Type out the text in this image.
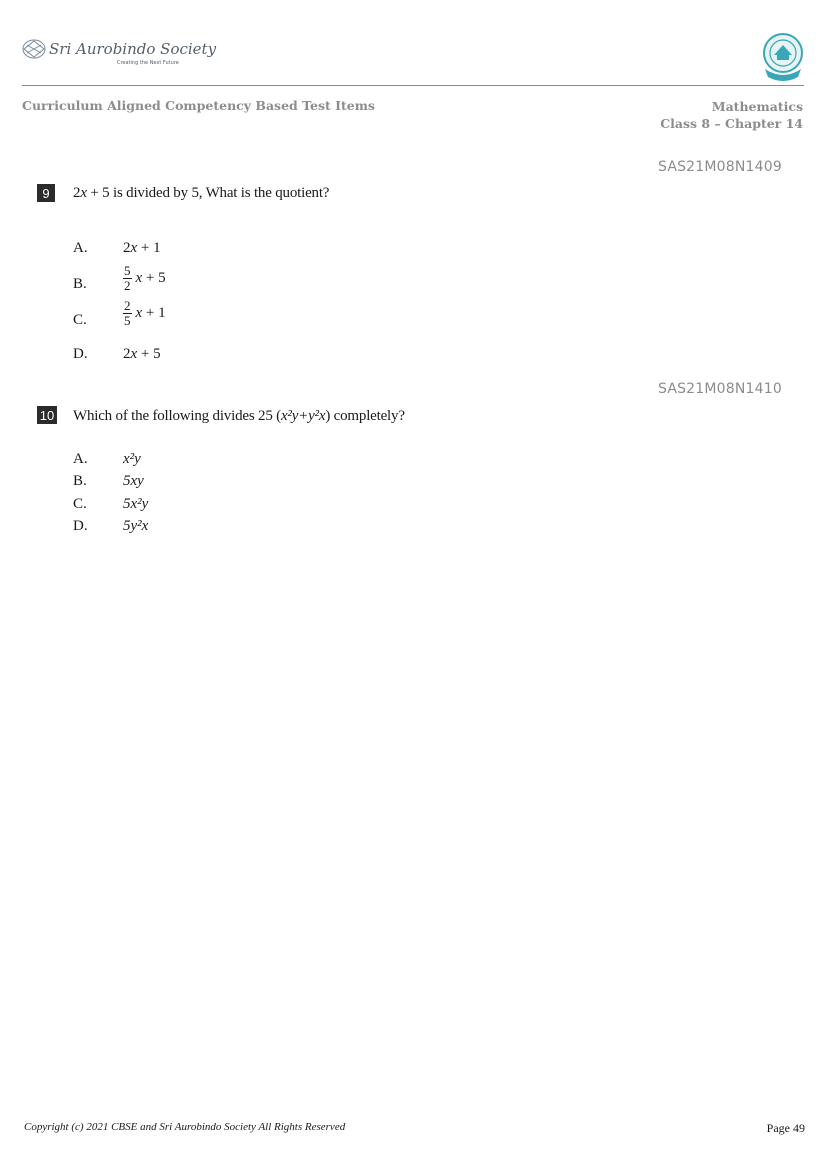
Sri Aurobindo Society
Creating the Next Future
Curriculum Aligned Competency Based Test Items	Mathematics
Class 8 – Chapter 14
SAS21M08N1409
9	2x + 5 is divided by 5, What is the quotient?
A. 2x + 1
B.	$\frac{5}{2}$ x + 5
C.	$\frac{2}{5}$ x + 1
D. 2x + 5
SAS21M08N1410
10 Which of the following divides 25 (x²y+y²x) completely?
A. x²y
B. 5xy
C. 5x²y
D. 5y²x
Copyright (c) 2021 CBSE and Sri Aurobindo Society All Rights Reserved	Page 49
